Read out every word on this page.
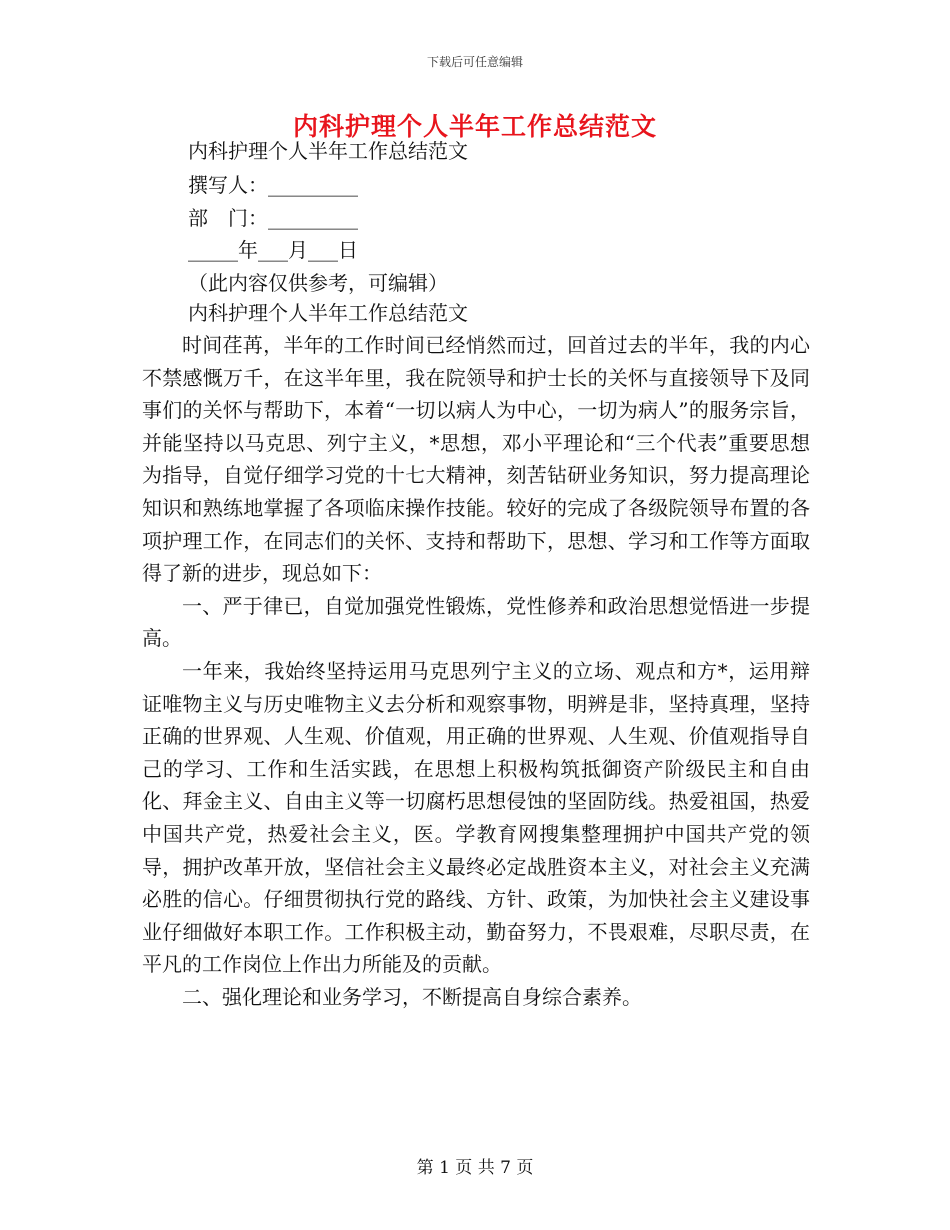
下载后可任意编辑
内科护理个人半年工作总结范文
内科护理个人半年工作总结范文
撰写人：_________
部　门：_________
_____年___月___日
（此内容仅供参考，可编辑）
内科护理个人半年工作总结范文

时间荏苒，半年的工作时间已经悄然而过，回首过去的半年，我的内心不禁感慨万千，在这半年里，我在院领导和护士长的关怀与直接领导下及同事们的关怀与帮助下，本着“一切以病人为中心，一切为病人”的服务宗旨，并能坚持以马克思、列宁主义，*思想，邓小平理论和“三个代表”重要思想为指导，自觉仔细学习党的十七大精神，刻苦钻研业务知识，努力提高理论知识和熟练地掌握了各项临床操作技能。较好的完成了各级院领导布置的各项护理工作，在同志们的关怀、支持和帮助下，思想、学习和工作等方面取得了新的进步，现总如下：

一、严于律已，自觉加强党性锻炼，党性修养和政治思想觉悟进一步提高。

一年来，我始终坚持运用马克思列宁主义的立场、观点和方*，运用辩证唯物主义与历史唯物主义去分析和观察事物，明辨是非，坚持真理，坚持正确的世界观、人生观、价值观，用正确的世界观、人生观、价值观指导自己的学习、工作和生活实践，在思想上积极构筑抵御资产阶级民主和自由化、拜金主义、自由主义等一切腐朽思想侵蚀的坚固防线。热爱祖国，热爱中国共产党，热爱社会主义，医。学教育网搜集整理拥护中国共产党的领导，拥护改革开放，坚信社会主义最终必定战胜资本主义，对社会主义充满必胜的信心。仔细贯彻执行党的路线、方针、政策，为加快社会主义建设事业仔细做好本职工作。工作积极主动，勤奋努力，不畏艰难，尽职尽责，在平凡的工作岗位上作出力所能及的贡献。

二、强化理论和业务学习，不断提高自身综合素养。

第 1 页 共 7 页
